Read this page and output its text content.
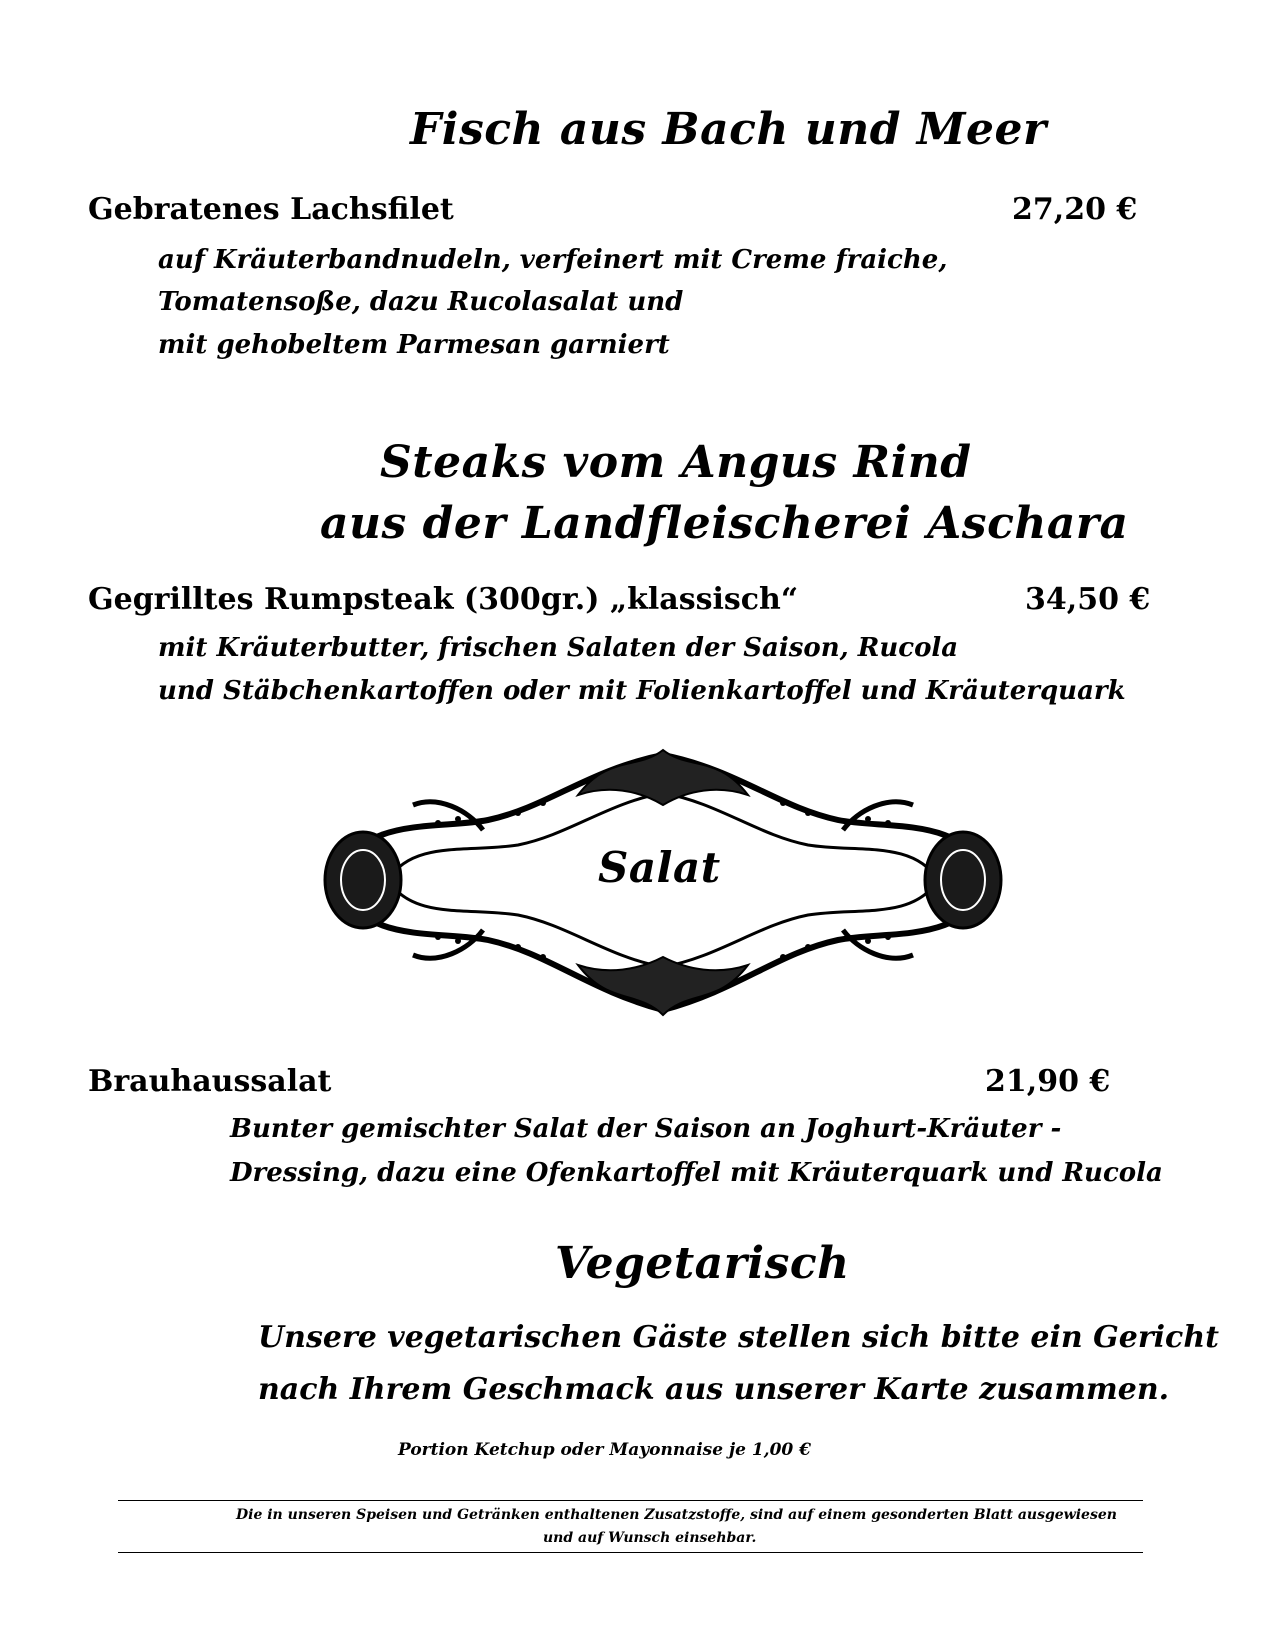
Fisch aus Bach und Meer
Gebratenes Lachsfilet	27,20 €
auf Kräuterbandnudeln, verfeinert mit Creme fraiche,
Tomatensoße, dazu Rucolasalat und
mit gehobeltem Parmesan garniert
Steaks vom Angus Rind
aus der Landfleischerei Aschara
Gegrilltes Rumpsteak (300gr.) „klassisch“	34,50 €
mit Kräuterbutter, frischen Salaten der Saison, Rucola
und Stäbchenkartoffen oder mit Folienkartoffel und Kräuterquark
Salat
Brauhaussalat	21,90 €
Bunter gemischter Salat der Saison an Joghurt-Kräuter -
Dressing, dazu eine Ofenkartoffel mit Kräuterquark und Rucola
Vegetarisch
Unsere vegetarischen Gäste stellen sich bitte ein Gericht
nach Ihrem Geschmack aus unserer Karte zusammen.
Portion Ketchup oder Mayonnaise je 1,00 €
Die in unseren Speisen und Getränken enthaltenen Zusatzstoffe, sind auf einem gesonderten Blatt ausgewiesen
und auf Wunsch einsehbar.
